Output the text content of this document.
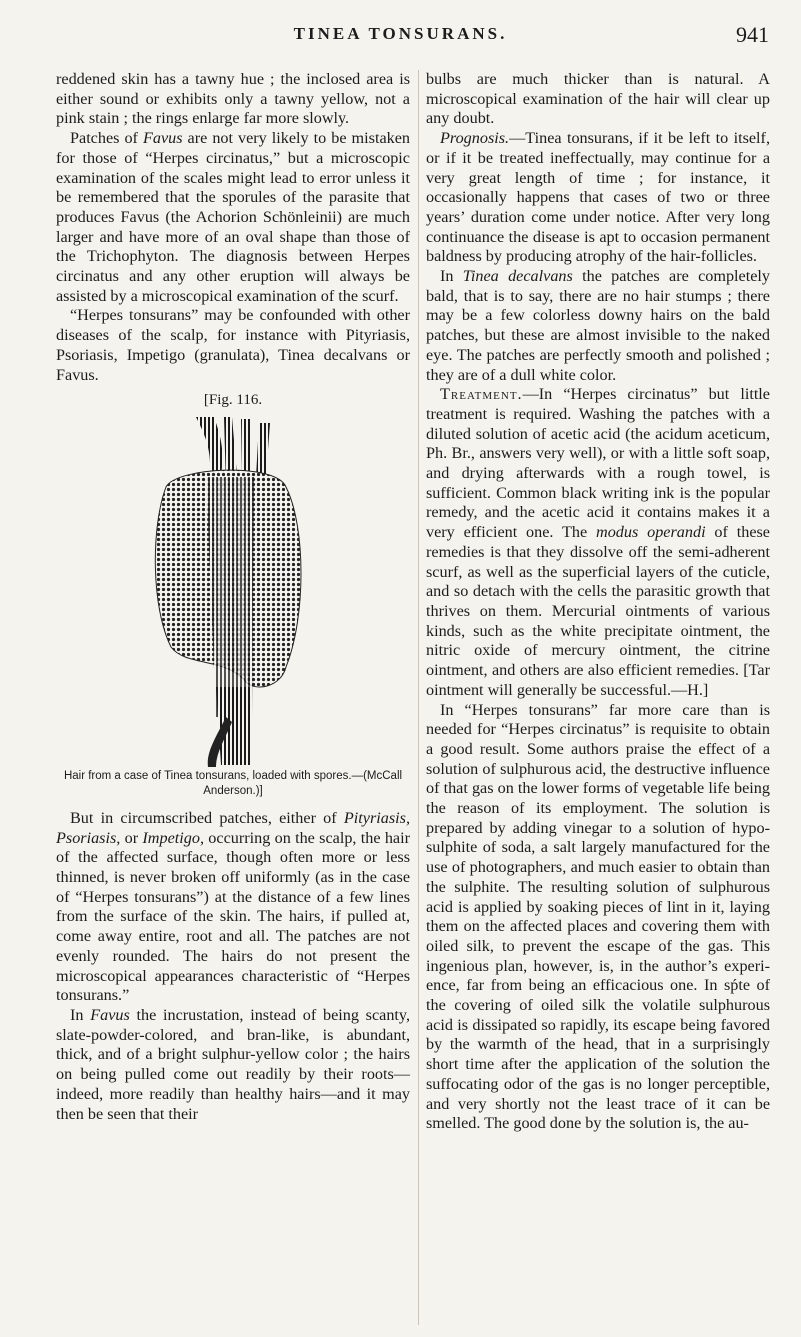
TINEA TONSURANS.	941

reddened skin has a tawny hue ; the inclosed area is either sound or exhibits only a tawny yellow, not a pink stain ; the rings enlarge far more slowly.

Patches of Favus are not very likely to be mistaken for those of “Herpes circinatus,” but a microscopic examination of the scales might lead to error unless it be remembered that the sporules of the parasite that produces Favus (the Achorion Schönleinii) are much larger and have more of an oval shape than those of the Trichophyton. The diagnosis between Herpes circinatus and any other eruption will always be assisted by a microscopical examination of the scurf.

“Herpes tonsurans” may be confounded with other diseases of the scalp, for instance with Pityriasis, Psoriasis, Impetigo (granulata), Tinea decalvans or Favus.

[Fig. 116.
Hair from a case of Tinea tonsurans, loaded with spores.—(McCall Anderson.)]

But in circumscribed patches, either of Pityriasis, Psoriasis, or Impetigo, occurring on the scalp, the hair of the affected surface, though often more or less thinned, is never broken off uniformly (as in the case of “Herpes tonsurans”) at the distance of a few lines from the surface of the skin. The hairs, if pulled at, come away entire, root and all. The patches are not evenly rounded. The hairs do not present the microscopical appearances characteristic of “Herpes tonsurans.”

In Favus the incrustation, instead of being scanty, slate-powder-colored, and bran-like, is abundant, thick, and of a bright sulphur-yellow color ; the hairs on being pulled come out readily by their roots—indeed, more readily than healthy hairs—and it may then be seen that their

bulbs are much thicker than is natural. A microscopical examination of the hair will clear up any doubt.

Prognosis.—Tinea tonsurans, if it be left to itself, or if it be treated ineffectually, may continue for a very great length of time ; for instance, it occasionally happens that cases of two or three years’ duration come under notice. After very long continuance the disease is apt to occasion permanent baldness by producing atrophy of the hair-follicles.

In Tinea decalvans the patches are completely bald, that is to say, there are no hair stumps ; there may be a few colorless downy hairs on the bald patches, but these are almost invisible to the naked eye. The patches are perfectly smooth and polished ; they are of a dull white color.

Treatment.—In “Herpes circinatus” but little treatment is required. Washing the patches with a diluted solution of acetic acid (the acidum aceticum, Ph. Br., answers very well), or with a little soft soap, and drying afterwards with a rough towel, is sufficient. Common black writing ink is the popular remedy, and the acetic acid it contains makes it a very efficient one. The modus operandi of these remedies is that they dissolve off the semi-adherent scurf, as well as the superficial layers of the cuticle, and so detach with the cells the parasitic growth that thrives on them. Mercurial ointments of various kinds, such as the white precipitate ointment, the nitric oxide of mercury ointment, the citrine ointment, and others are also efficient remedies. [Tar ointment will generally be successful.—H.]

In “Herpes tonsurans” far more care than is needed for “Herpes circinatus” is requisite to obtain a good result. Some authors praise the effect of a solution of sulphurous acid, the destructive influence of that gas on the lower forms of vegetable life being the reason of its employment. The solution is prepared by adding vinegar to a solution of hyposulphite of soda, a salt largely manufactured for the use of photographers, and much easier to obtain than the sulphite. The resulting solution of sulphurous acid is applied by soaking pieces of lint in it, laying them on the affected places and covering them with oiled silk, to prevent the escape of the gas. This ingenious plan, however, is, in the author’s experience, far from being an efficacious one. In sṕte of the covering of oiled silk the volatile sulphurous acid is dissipated so rapidly, its escape being favored by the warmth of the head, that in a surprisingly short time after the application of the solution the suffocating odor of the gas is no longer perceptible, and very shortly not the least trace of it can be smelled. The good done by the solution is, the au-
